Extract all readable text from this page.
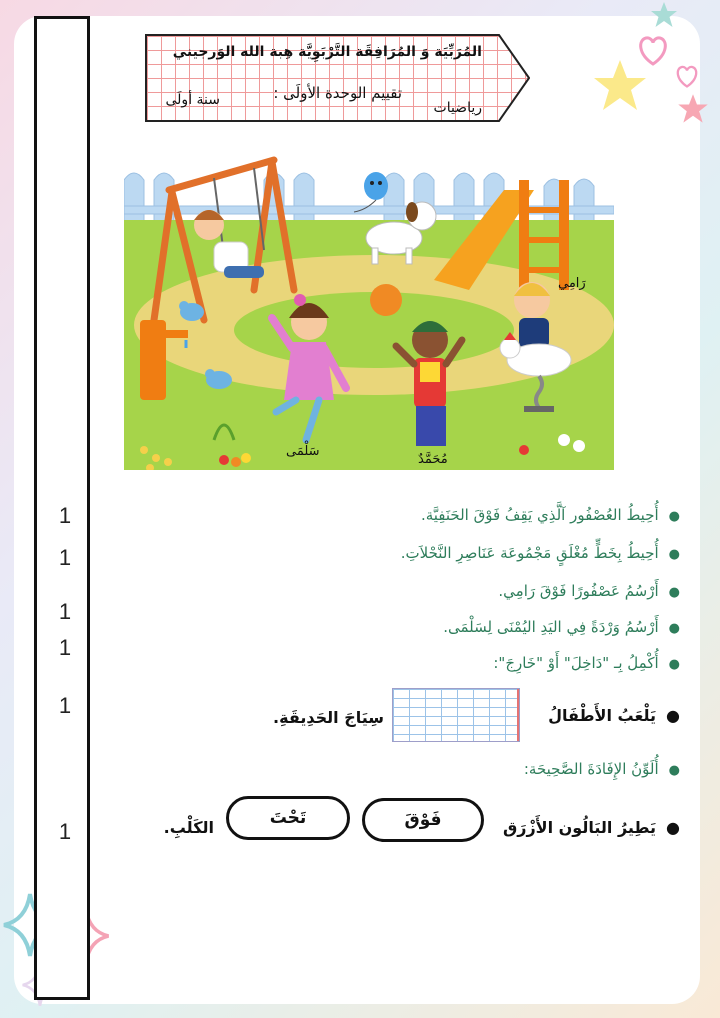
1
1
1
1
1
1
المُرَبِّيَة وَ المُرَافِقَة التَّرْبَوِيَّة هِبة الله الوَرجيني
تقييم الوحدة الأولَى :
رياضيات
سنة أولَى
رَامِي
سَلْمَى
مُحَمَّدٌ
●أُحِيطُ العُصْفُور آلَّذِي يَقِفُ فَوْقَ الحَنَفِيَّة.
●أُحِيطُ بِخَطٍّ مُغْلَقٍ مَجْمُوعَة عَنَاصِرِ النَّحْلاَتِ.
●أَرْسُمُ عَصْفُورًا فَوْقَ رَامِي.
●أَرْسُمُ وَرْدَةً فِي اليَدِ اليُمْنَى لِسَلْمَى.
●أُكْمِلُ بِـ "دَاخِلَ" أَوْ "خَارِجَ":
●يَلْعَبُ الأَطْفَالُ
سِيَاجَ الحَدِيقَةِ.
●أُلَوِّنُ الإِفَادَةَ الصَّحِيحَة:
●يَطِيرُ البَالُون الأَزْرَق
فَوْقَ
تَحْتَ
الكَلْبِ.
